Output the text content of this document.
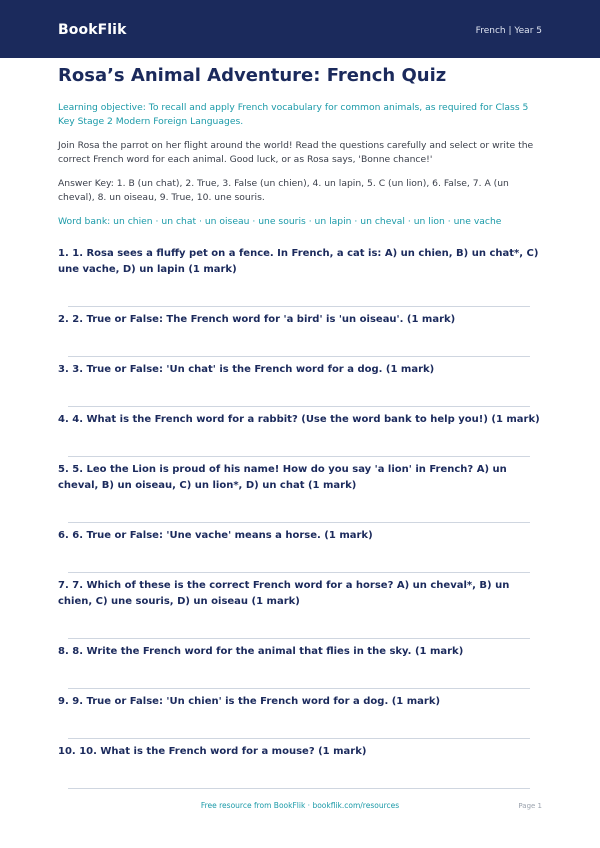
BookFlik	French | Year 5
Rosa’s Animal Adventure: French Quiz
Learning objective: To recall and apply French vocabulary for common animals, as required for Class 5 Key Stage 2 Modern Foreign Languages.
Join Rosa the parrot on her flight around the world! Read the questions carefully and select or write the correct French word for each animal. Good luck, or as Rosa says, 'Bonne chance!'
Answer Key: 1. B (un chat), 2. True, 3. False (un chien), 4. un lapin, 5. C (un lion), 6. False, 7. A (un cheval), 8. un oiseau, 9. True, 10. une souris.
Word bank: un chien · un chat · un oiseau · une souris · un lapin · un cheval · un lion · une vache
1. 1. Rosa sees a fluffy pet on a fence. In French, a cat is: A) un chien, B) un chat*, C) une vache, D) un lapin (1 mark)
2. 2. True or False: The French word for 'a bird' is 'un oiseau'. (1 mark)
3. 3. True or False: 'Un chat' is the French word for a dog. (1 mark)
4. 4. What is the French word for a rabbit? (Use the word bank to help you!) (1 mark)
5. 5. Leo the Lion is proud of his name! How do you say 'a lion' in French? A) un cheval, B) un oiseau, C) un lion*, D) un chat (1 mark)
6. 6. True or False: 'Une vache' means a horse. (1 mark)
7. 7. Which of these is the correct French word for a horse? A) un cheval*, B) un chien, C) une souris, D) un oiseau (1 mark)
8. 8. Write the French word for the animal that flies in the sky. (1 mark)
9. 9. True or False: 'Un chien' is the French word for a dog. (1 mark)
10. 10. What is the French word for a mouse? (1 mark)
Free resource from BookFlik · bookflik.com/resources	Page 1
